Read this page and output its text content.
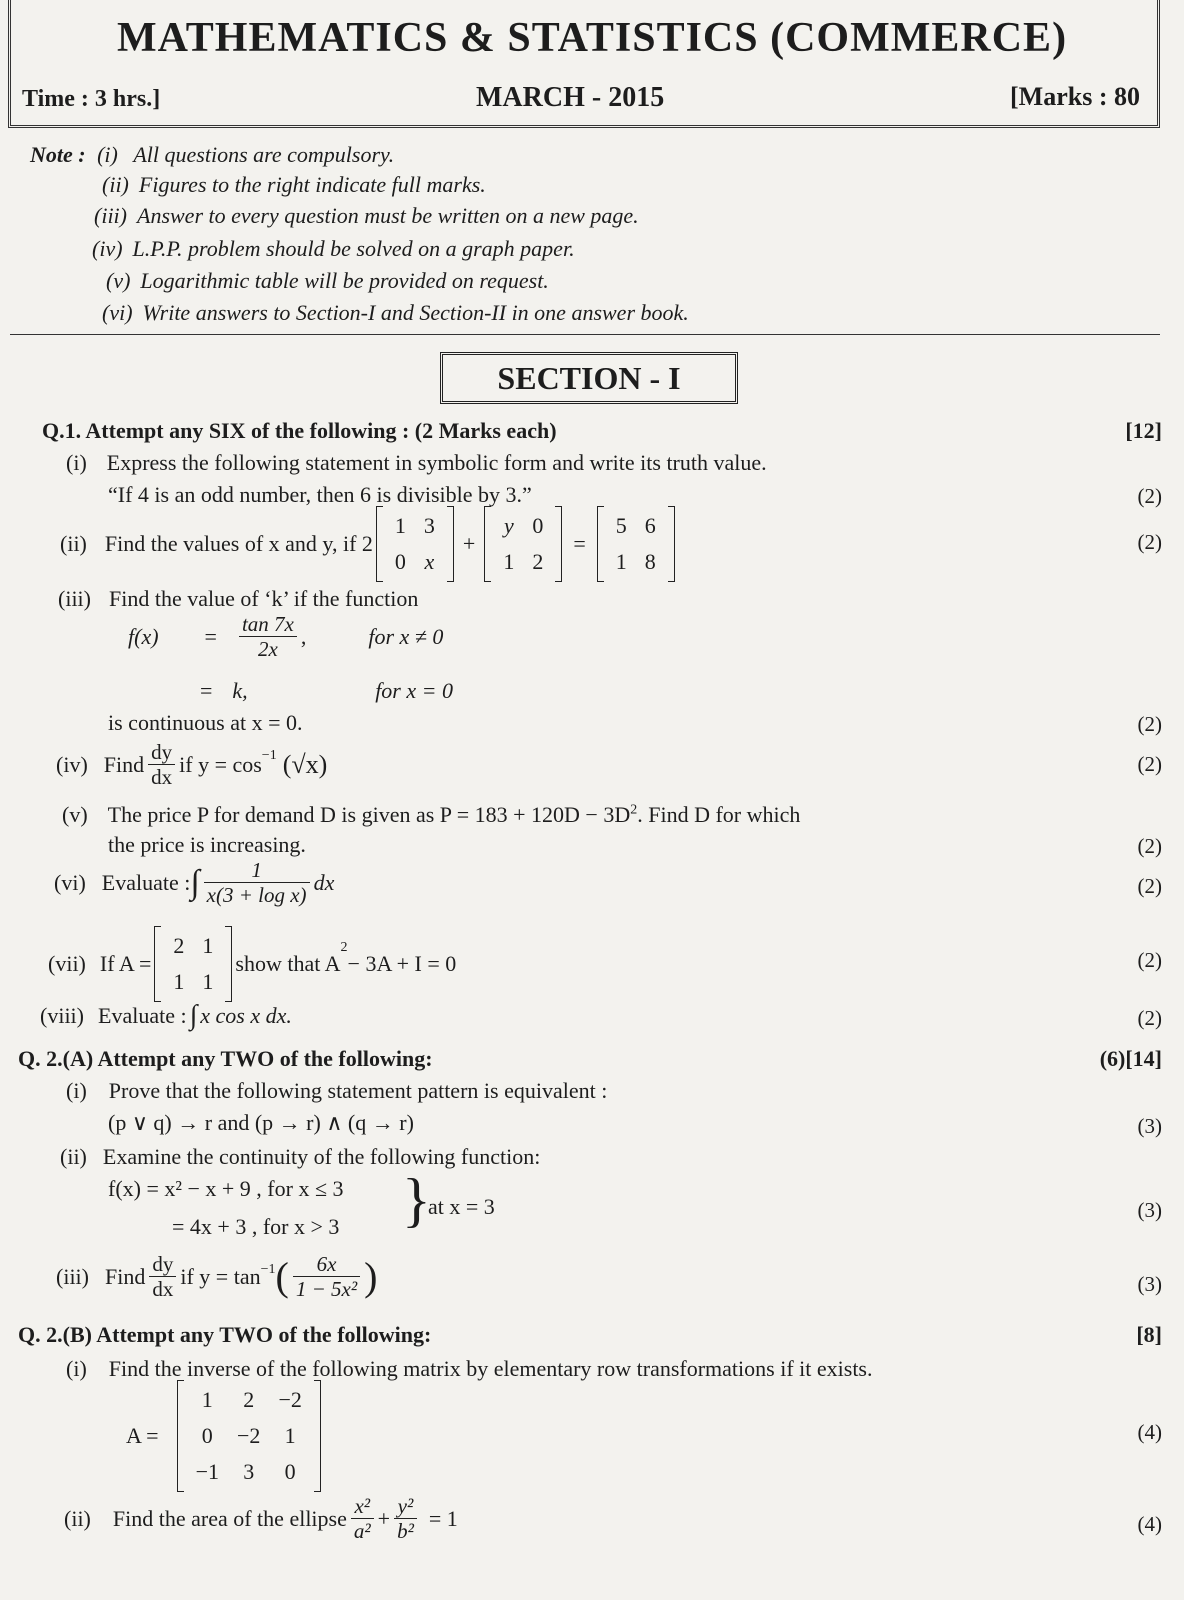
MATHEMATICS & STATISTICS (COMMERCE)
Time : 3 hrs.]	MARCH - 2015	[Marks : 80
Note : (i) All questions are compulsory.
(ii) Figures to the right indicate full marks.
(iii) Answer to every question must be written on a new page.
(iv) L.P.P. problem should be solved on a graph paper.
(v) Logarithmic table will be provided on request.
(vi) Write answers to Section-I and Section-II in one answer book.
SECTION - I
Q.1. Attempt any SIX of the following : (2 Marks each)	[12]
(i) Express the following statement in symbolic form and write its truth value.
“If 4 is an odd number, then 6 is divisible by 3.”	(2)
(ii) Find the values of x and y, if 2
1	3
0	x
+
y	0
1	2
=
5	6
1	8
(2)
(iii) Find the value of ‘k’ if the function
$f(x) = \frac{\tan 7x}{2x}$ ,	for x ≠ 0
= k,	for x = 0
is continuous at x = 0.	(2)
(iv) Find $\frac{dy}{dx}$ if $y = \cos^{-1} (√x)$	(2)
(v) The price P for demand D is given as $P = 183 + 120D - 3D^2$. Find D for which
the price is increasing.	(2)
(vi) Evaluate : ∫ $\frac{1}{\text{x(3 + log x)}}$ dx	(2)
(vii) If A =
2	1
1	1
show that A
$^2$
− 3A + I = 0	(2)
(viii) Evaluate : ∫ x cos x dx.	(2)
Q. 2.(A) Attempt any TWO of the following:	(6)[14]
(i) Prove that the following statement pattern is equivalent :
(p ∨ q) → r and (p → r) ∧ (q → r)	(3)
(ii) Examine the continuity of the following function:
f(x) = x² − x + 9 , for x ≤ 3
= 4x + 3 , for x > 3 }
at x = 3	(3)
(iii) Find $\frac{dy}{dx}$ if $y = \tan^{-1}$ ( $\frac{6x}{\text{1 − 5x²}}$ )	(3)
Q. 2.(B) Attempt any TWO of the following:	[8]
(i) Find the inverse of the following matrix by elementary row transformations if it exists.
A =
1	2	−2
0	−2	1
−1	3	0
(4)
(ii) Find the area of the ellipse $\frac{\text{x²}}{\text{a²}} + \frac{\text{y²}}{\text{b²}} = 1$	(4)
